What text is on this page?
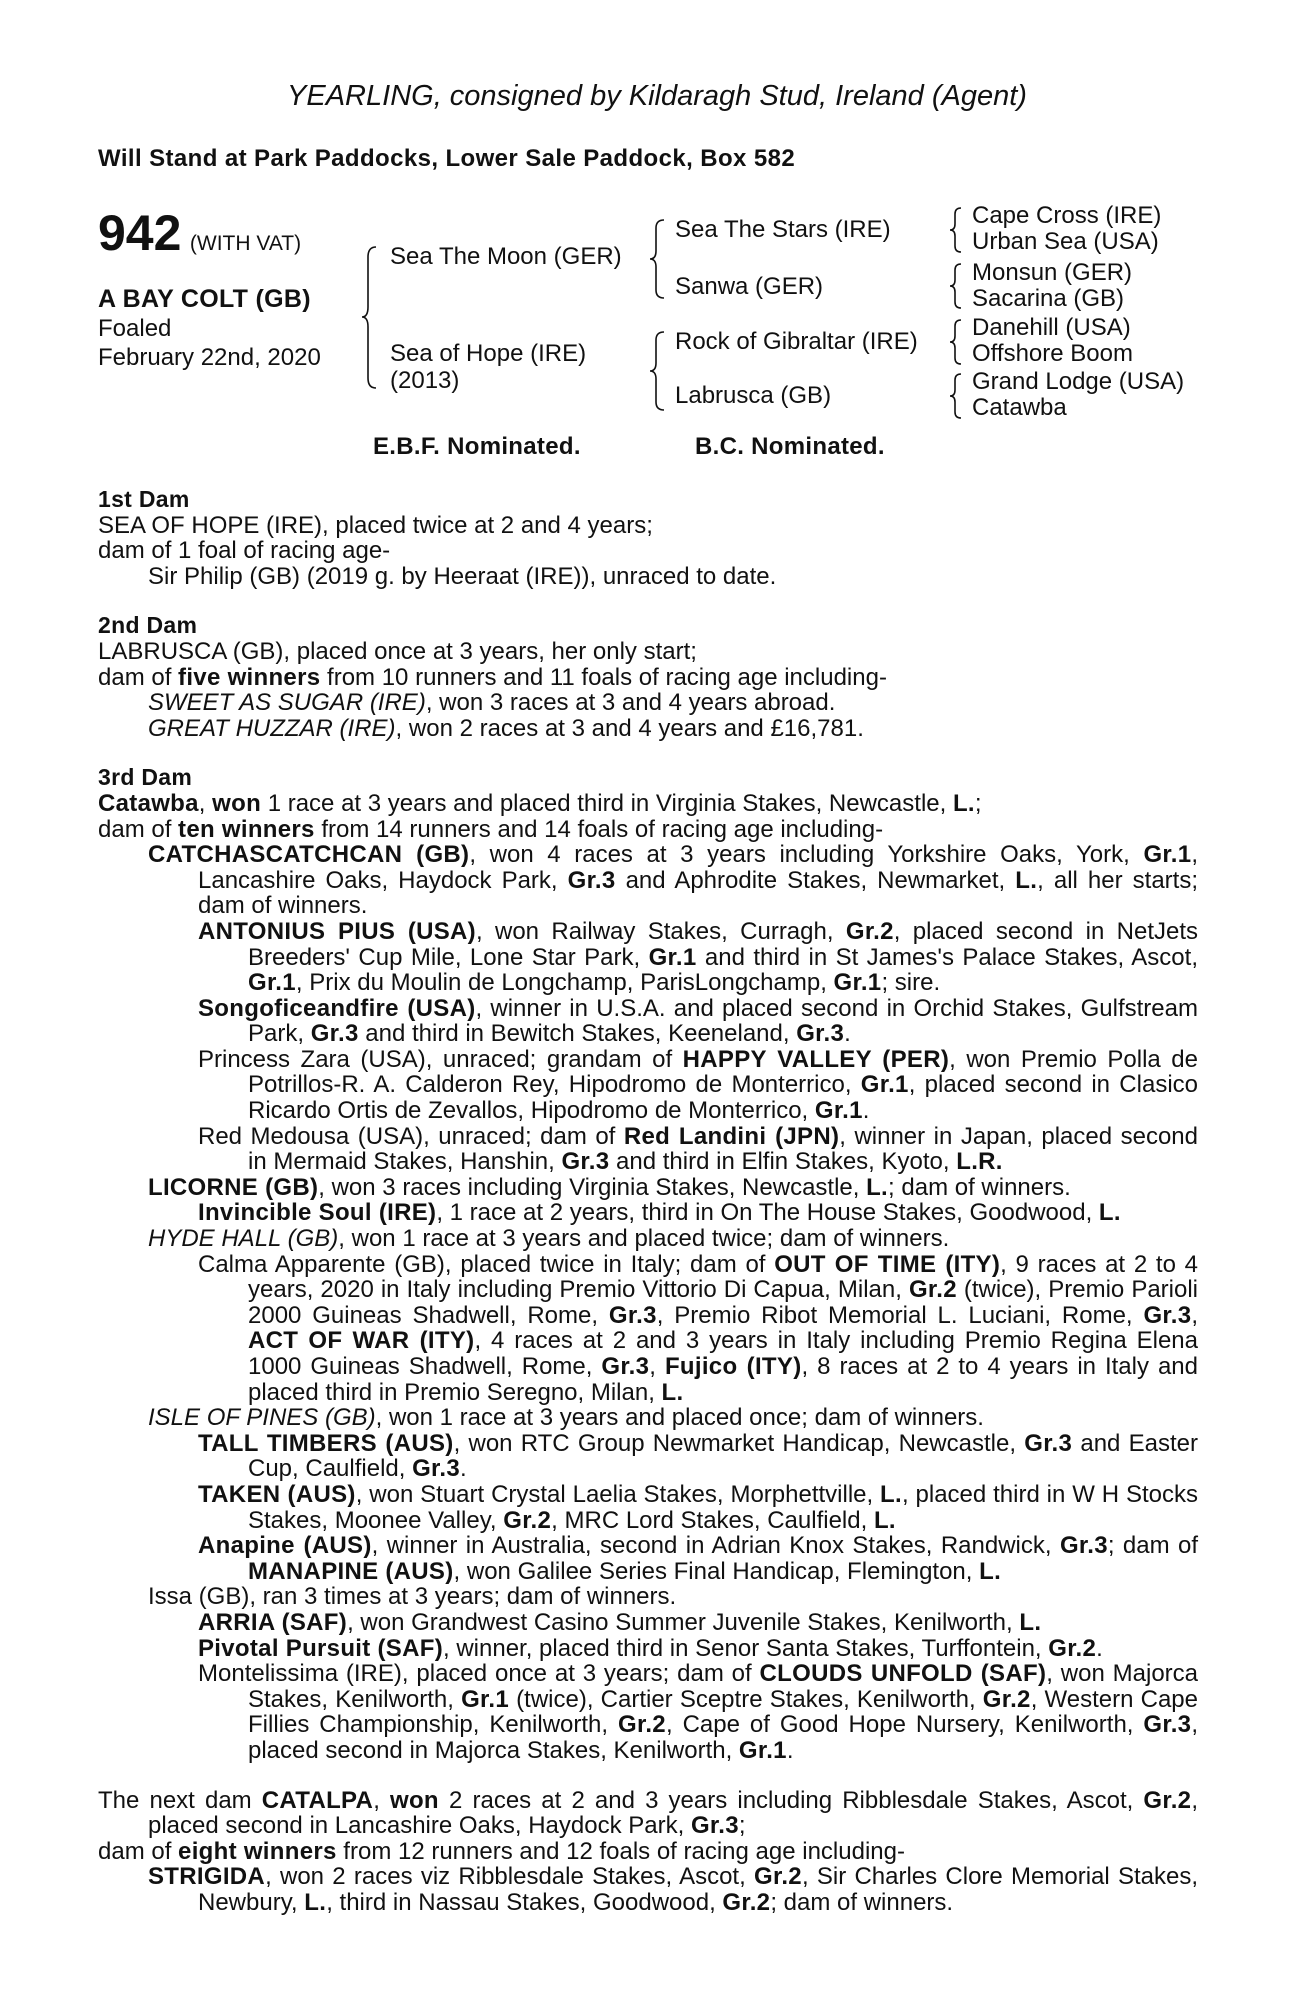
YEARLING, consigned by Kildaragh Stud, Ireland (Agent)
Will Stand at Park Paddocks, Lower Sale Paddock, Box 582
942 (WITH VAT)
A BAY COLT (GB)
Foaled
February 22nd, 2020
Sea The Moon (GER)
Sea of Hope (IRE)
(2013)
Sea The Stars (IRE)
Sanwa (GER)
Rock of Gibraltar (IRE)
Labrusca (GB)
Cape Cross (IRE)
Urban Sea (USA)
Monsun (GER)
Sacarina (GB)
Danehill (USA)
Offshore Boom
Grand Lodge (USA)
Catawba
E.B.F. Nominated.	B.C. Nominated.
1st Dam
SEA OF HOPE (IRE), placed twice at 2 and 4 years;
dam of 1 foal of racing age-
Sir Philip (GB) (2019 g. by Heeraat (IRE)), unraced to date.
2nd Dam
LABRUSCA (GB), placed once at 3 years, her only start;
dam of five winners from 10 runners and 11 foals of racing age including-
SWEET AS SUGAR (IRE), won 3 races at 3 and 4 years abroad.
GREAT HUZZAR (IRE), won 2 races at 3 and 4 years and £16,781.
3rd Dam
Catawba, won 1 race at 3 years and placed third in Virginia Stakes, Newcastle, L.;
dam of ten winners from 14 runners and 14 foals of racing age including-
CATCHASCATCHCAN (GB), won 4 races at 3 years including Yorkshire Oaks, York, Gr.1, Lancashire Oaks, Haydock Park, Gr.3 and Aphrodite Stakes, Newmarket, L., all her starts; dam of winners.
ANTONIUS PIUS (USA), won Railway Stakes, Curragh, Gr.2, placed second in NetJets Breeders' Cup Mile, Lone Star Park, Gr.1 and third in St James's Palace Stakes, Ascot, Gr.1, Prix du Moulin de Longchamp, ParisLongchamp, Gr.1; sire.
Songoficeandfire (USA), winner in U.S.A. and placed second in Orchid Stakes, Gulfstream Park, Gr.3 and third in Bewitch Stakes, Keeneland, Gr.3.
Princess Zara (USA), unraced; grandam of HAPPY VALLEY (PER), won Premio Polla de Potrillos-R. A. Calderon Rey, Hipodromo de Monterrico, Gr.1, placed second in Clasico Ricardo Ortis de Zevallos, Hipodromo de Monterrico, Gr.1.
Red Medousa (USA), unraced; dam of Red Landini (JPN), winner in Japan, placed second in Mermaid Stakes, Hanshin, Gr.3 and third in Elfin Stakes, Kyoto, L.R.
LICORNE (GB), won 3 races including Virginia Stakes, Newcastle, L.; dam of winners.
Invincible Soul (IRE), 1 race at 2 years, third in On The House Stakes, Goodwood, L.
HYDE HALL (GB), won 1 race at 3 years and placed twice; dam of winners.
Calma Apparente (GB), placed twice in Italy; dam of OUT OF TIME (ITY), 9 races at 2 to 4 years, 2020 in Italy including Premio Vittorio Di Capua, Milan, Gr.2 (twice), Premio Parioli 2000 Guineas Shadwell, Rome, Gr.3, Premio Ribot Memorial L. Luciani, Rome, Gr.3, ACT OF WAR (ITY), 4 races at 2 and 3 years in Italy including Premio Regina Elena 1000 Guineas Shadwell, Rome, Gr.3, Fujico (ITY), 8 races at 2 to 4 years in Italy and placed third in Premio Seregno, Milan, L.
ISLE OF PINES (GB), won 1 race at 3 years and placed once; dam of winners.
TALL TIMBERS (AUS), won RTC Group Newmarket Handicap, Newcastle, Gr.3 and Easter Cup, Caulfield, Gr.3.
TAKEN (AUS), won Stuart Crystal Laelia Stakes, Morphettville, L., placed third in W H Stocks Stakes, Moonee Valley, Gr.2, MRC Lord Stakes, Caulfield, L.
Anapine (AUS), winner in Australia, second in Adrian Knox Stakes, Randwick, Gr.3; dam of MANAPINE (AUS), won Galilee Series Final Handicap, Flemington, L.
Issa (GB), ran 3 times at 3 years; dam of winners.
ARRIA (SAF), won Grandwest Casino Summer Juvenile Stakes, Kenilworth, L.
Pivotal Pursuit (SAF), winner, placed third in Senor Santa Stakes, Turffontein, Gr.2.
Montelissima (IRE), placed once at 3 years; dam of CLOUDS UNFOLD (SAF), won Majorca Stakes, Kenilworth, Gr.1 (twice), Cartier Sceptre Stakes, Kenilworth, Gr.2, Western Cape Fillies Championship, Kenilworth, Gr.2, Cape of Good Hope Nursery, Kenilworth, Gr.3, placed second in Majorca Stakes, Kenilworth, Gr.1.
The next dam CATALPA, won 2 races at 2 and 3 years including Ribblesdale Stakes, Ascot, Gr.2, placed second in Lancashire Oaks, Haydock Park, Gr.3;
dam of eight winners from 12 runners and 12 foals of racing age including-
STRIGIDA, won 2 races viz Ribblesdale Stakes, Ascot, Gr.2, Sir Charles Clore Memorial Stakes, Newbury, L., third in Nassau Stakes, Goodwood, Gr.2; dam of winners.
